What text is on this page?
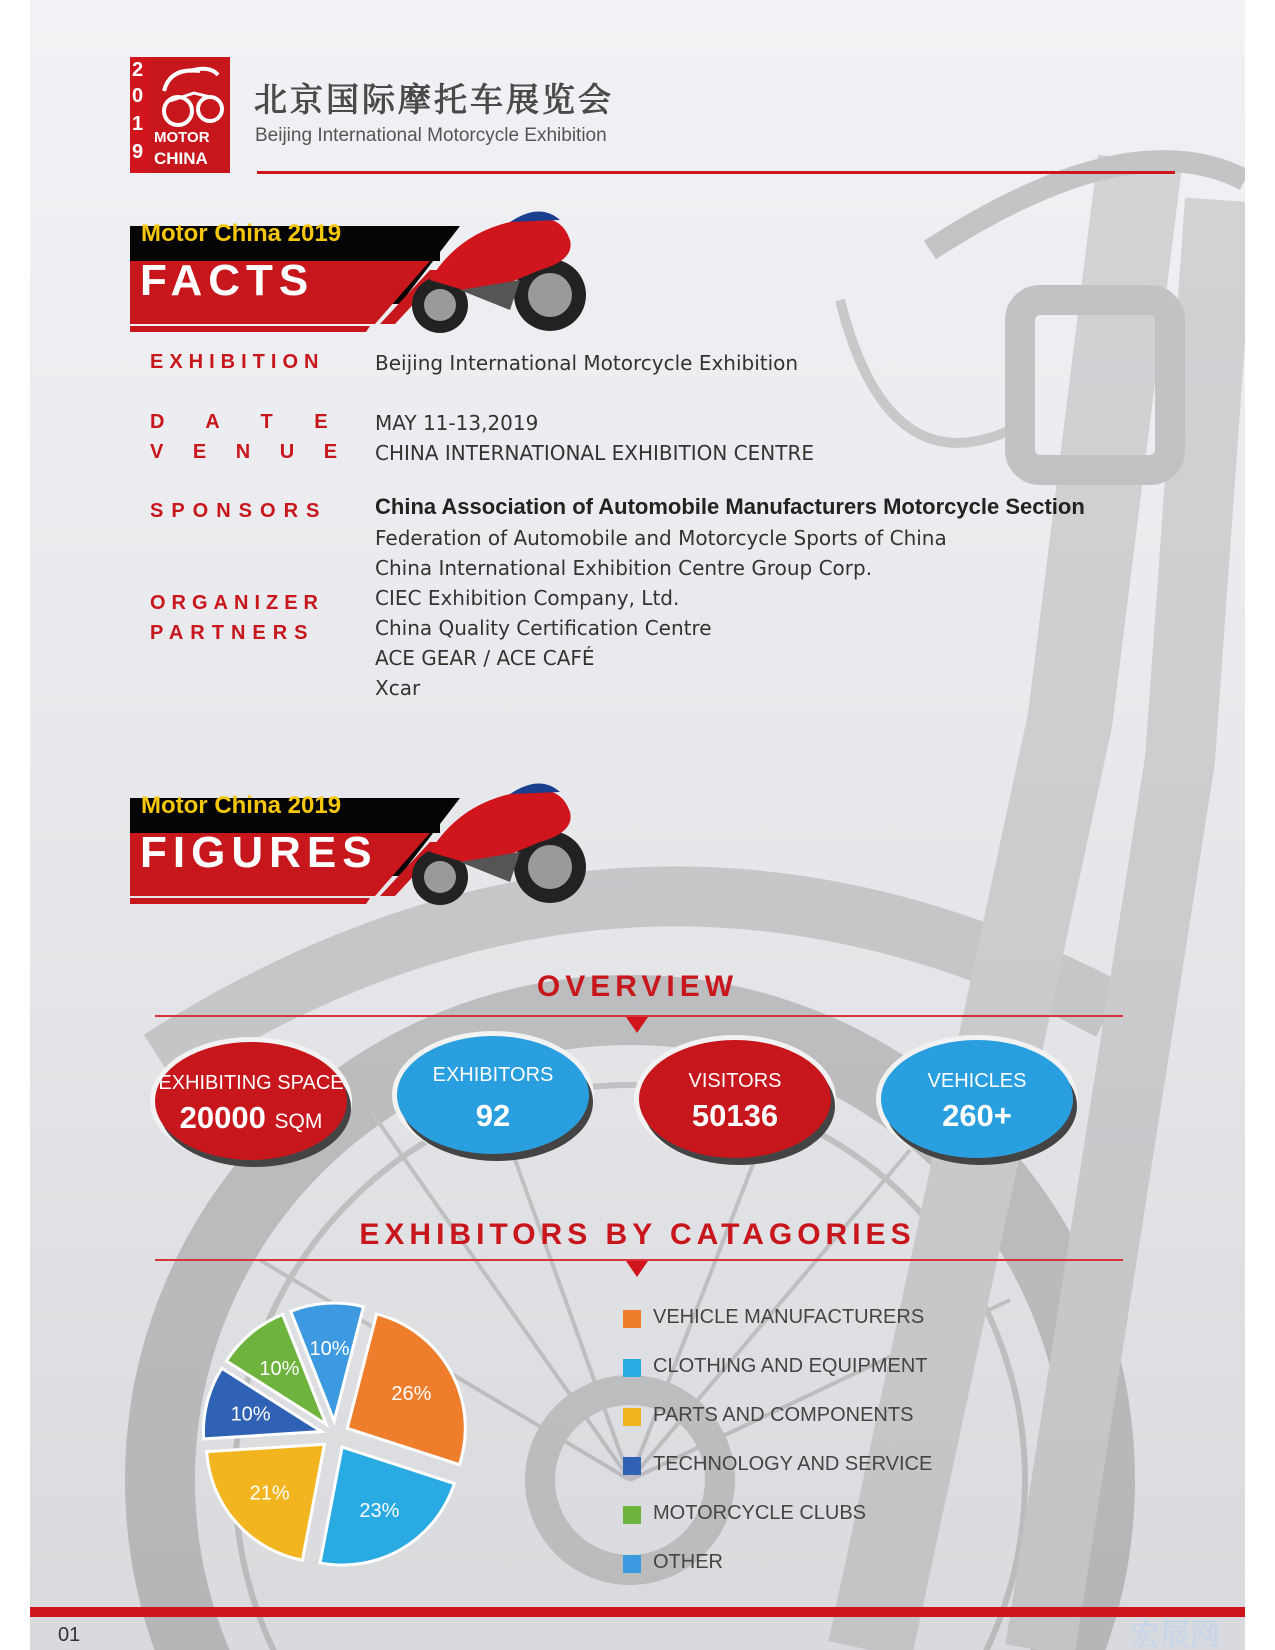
2
0
1
9
MOTOR
CHINA
北京国际摩托车展览会
Beijing International Motorcycle Exhibition
Motor China 2019
FACTS
EXHIBITION	Beijing International Motorcycle Exhibition
D A T E MAY 11-13,2019
V E N U E CHINA INTERNATIONAL EXHIBITION CENTRE
SPONSORS China Association of Automobile Manufacturers Motorcycle Section
Federation of Automobile and Motorcycle Sports of China
China International Exhibition Centre Group Corp.
ORGANIZER	CIEC Exhibition Company, Ltd.
PARTNERS	China Quality Certification Centre
ACE GEAR / ACE CAFÉ
Xcar
Motor China 2019
FIGURES
OVERVIEW
EXHIBITING SPACE
20000 SQM
EXHIBITORS
92
VISITORS
50136
VEHICLES
260+
EXHIBITORS BY CATAGORIES
26%
23%
21%
10%
10%
10%
VEHICLE MANUFACTURERS
CLOTHING AND EQUIPMENT
PARTS AND COMPONENTS
TECHNOLOGY AND SERVICE
MOTORCYCLE CLUBS
OTHER
01	宏展网
